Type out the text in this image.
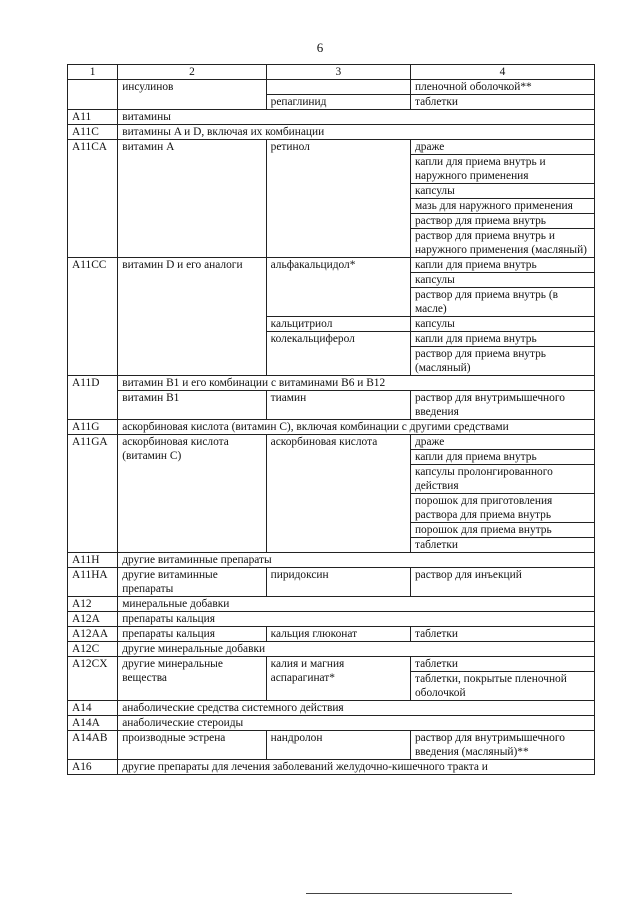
6
1	2	3	4
	инсулинов		пленочной оболочкой**
		репаглинид	таблетки
A11	витамины		
A11C	витамины A и D, включая их комбинации		
A11CA	витамин A	ретинол	драже
			капли для приема внутрь и наружного применения
			капсулы
			мазь для наружного применения
			раствор для приема внутрь
			раствор для приема внутрь и наружного применения (масляный)
A11CC	витамин D и его аналоги	альфакальцидол*	капли для приема внутрь
			капсулы
			раствор для приема внутрь (в масле)
		кальцитриол	капсулы
		колекальциферол	капли для приема внутрь
			раствор для приема внутрь (масляный)
A11D	витамин B1 и его комбинации с витаминами B6 и B12		
	витамин B1	тиамин	раствор для внутримышечного введения
A11G	аскорбиновая кислота (витамин C), включая комбинации с другими средствами		
A11GA	аскорбиновая кислота (витамин C)	аскорбиновая кислота	драже
			капли для приема внутрь
			капсулы пролонгированного действия
			порошок для приготовления раствора для приема внутрь
			порошок для приема внутрь
			таблетки
A11H	другие витаминные препараты		
A11HA	другие витаминные препараты	пиридоксин	раствор для инъекций
A12	минеральные добавки		
A12A	препараты кальция		
A12AA	препараты кальция	кальция глюконат	таблетки
A12C	другие минеральные добавки		
A12CX	другие минеральные вещества	калия и магния аспарагинат*	таблетки
			таблетки, покрытые пленочной оболочкой
A14	анаболические средства системного действия		
A14A	анаболические стероиды		
A14AB	производные эстрена	нандролон	раствор для внутримышечного введения (масляный)**
A16	другие препараты для лечения заболеваний желудочно-кишечного тракта и		
